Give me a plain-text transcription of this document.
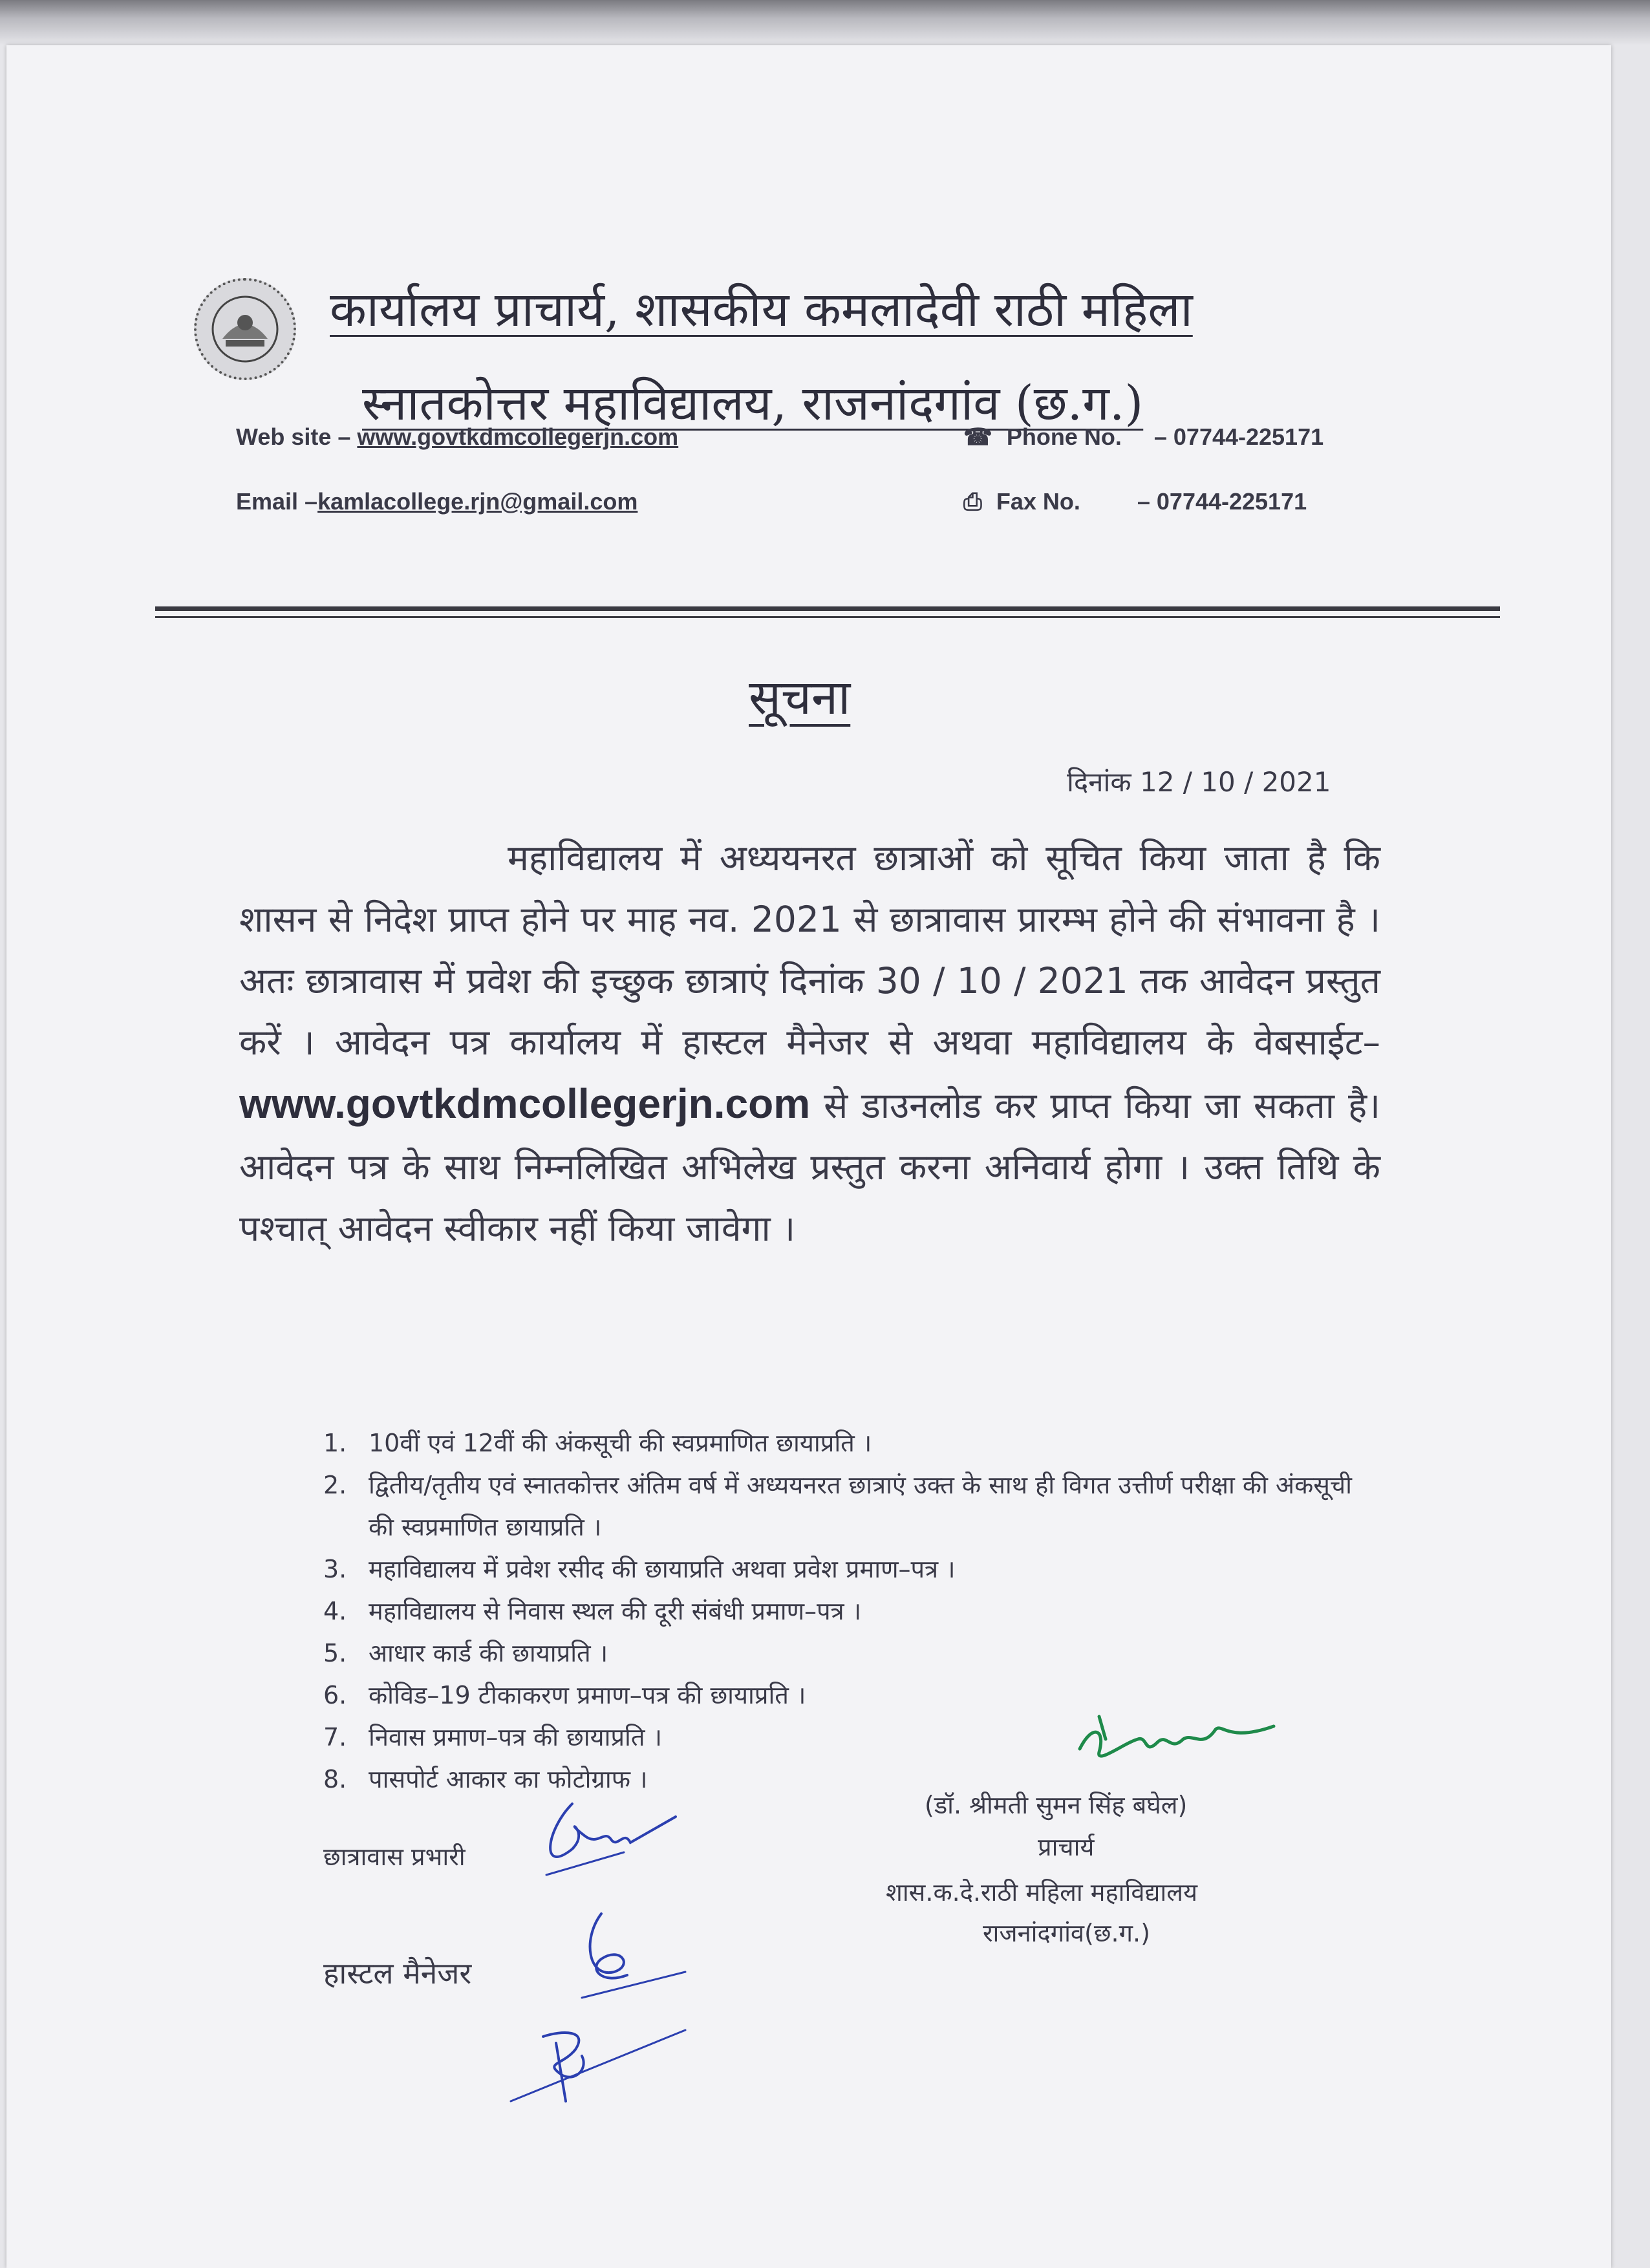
कार्यालय प्राचार्य, शासकीय कमलादेवी राठी महिला
स्नातकोत्तर महाविद्यालय, राजनांदगांव (छ.ग.)
Web site – www.govtkdmcollegerjn.com	☎ Phone No. – 07744-225171
Email –kamlacollege.rjn@gmail.com	⎙ Fax No. – 07744-225171
सूचना
दिनांक 12 / 10 / 2021
महाविद्यालय में अध्ययनरत छात्राओं को सूचित किया जाता है कि शासन से निदेश प्राप्त होने पर माह नव. 2021 से छात्रावास प्रारम्भ होने की संभावना है । अतः छात्रावास में प्रवेश की इच्छुक छात्राएं दिनांक 30 / 10 / 2021 तक आवेदन प्रस्तुत करें । आवेदन पत्र कार्यालय में हास्टल मैनेजर से अथवा महाविद्यालय के वेबसाईट– www.govtkdmcollegerjn.com से डाउनलोड कर प्राप्त किया जा सकता है। आवेदन पत्र के साथ निम्नलिखित अभिलेख प्रस्तुत करना अनिवार्य होगा । उक्त तिथि के पश्चात् आवेदन स्वीकार नहीं किया जावेगा ।
1. 10वीं एवं 12वीं की अंकसूची की स्वप्रमाणित छायाप्रति ।
2. द्वितीय/तृतीय एवं स्नातकोत्तर अंतिम वर्ष में अध्ययनरत छात्राएं उक्त के साथ ही विगत उत्तीर्ण परीक्षा की अंकसूची की स्वप्रमाणित छायाप्रति ।
3. महाविद्यालय में प्रवेश रसीद की छायाप्रति अथवा प्रवेश प्रमाण–पत्र ।
4. महाविद्यालय से निवास स्थल की दूरी संबंधी प्रमाण–पत्र ।
5. आधार कार्ड की छायाप्रति ।
6. कोविड–19 टीकाकरण प्रमाण–पत्र की छायाप्रति ।
7. निवास प्रमाण–पत्र की छायाप्रति ।
8. पासपोर्ट आकार का फोटोग्राफ ।
(डॉ. श्रीमती सुमन सिंह बघेल)
प्राचार्य
शास.क.दे.राठी महिला महाविद्यालय
राजनांदगांव(छ.ग.)
छात्रावास प्रभारी
हास्टल मैनेजर
